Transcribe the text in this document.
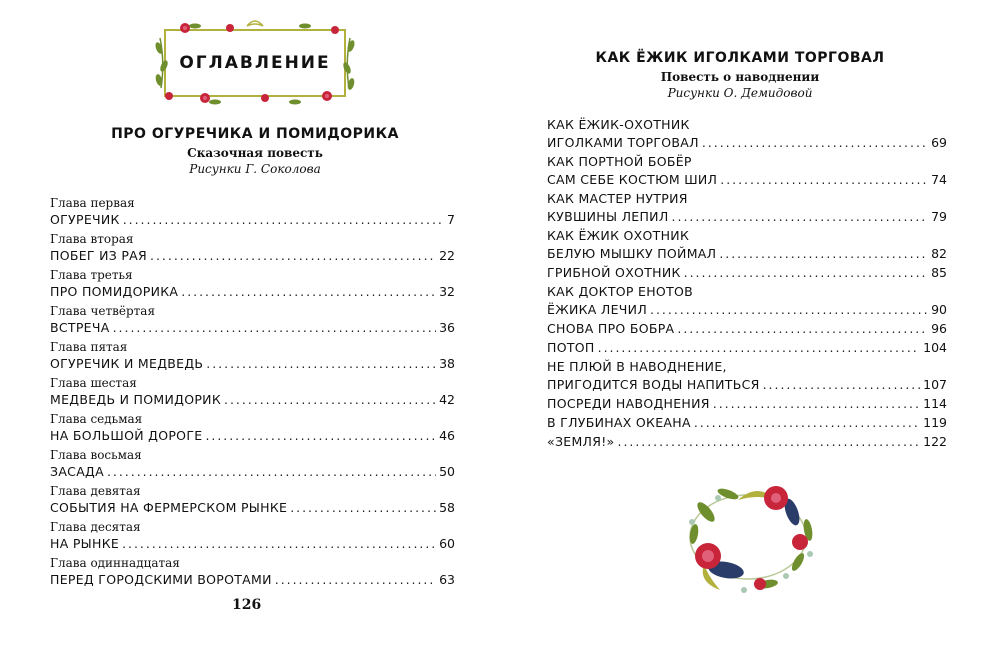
ОГЛАВЛЕНИЕ
ПРО ОГУРЕЧИКА И ПОМИДОРИКА
Сказочная повесть
Рисунки Г. Соколова
Глава первая
ОГУРЕЧИК . . .	7
Глава вторая
ПОБЕГ ИЗ РАЯ . . .	22
Глава третья
ПРО ПОМИДОРИКА . . .	32
Глава четвёртая
ВСТРЕЧА . . .	36
Глава пятая
ОГУРЕЧИК И МЕДВЕДЬ . . .	38
Глава шестая
МЕДВЕДЬ И ПОМИДОРИК . . .	42
Глава седьмая
НА БОЛЬШОЙ ДОРОГЕ . . .	46
Глава восьмая
ЗАСАДА . . .	50
Глава девятая
СОБЫТИЯ НА ФЕРМЕРСКОМ РЫНКЕ . . .	58
Глава десятая
НА РЫНКЕ . . .	60
Глава одиннадцатая
ПЕРЕД ГОРОДСКИМИ ВОРОТАМИ . . .	63
126
КАК ЁЖИК ИГОЛКАМИ ТОРГОВАЛ
Повесть о наводнении
Рисунки О. Демидовой
КАК ЁЖИК-ОХОТНИК
ИГОЛКАМИ ТОРГОВАЛ . . .	69
КАК ПОРТНОЙ БОБЁР
САМ СЕБЕ КОСТЮМ ШИЛ . . .	74
КАК МАСТЕР НУТРИЯ
КУВШИНЫ ЛЕПИЛ . . .	79
КАК ЁЖИК ОХОТНИК
БЕЛУЮ МЫШКУ ПОЙМАЛ . . .	82
ГРИБНОЙ ОХОТНИК . . .	85
КАК ДОКТОР ЕНОТОВ
ЁЖИКА ЛЕЧИЛ . . .	90
СНОВА ПРО БОБРА . . .	96
ПОТОП . . .	104
НЕ ПЛЮЙ В НАВОДНЕНИЕ,
ПРИГОДИТСЯ ВОДЫ НАПИТЬСЯ . . .	107
ПОСРЕДИ НАВОДНЕНИЯ . . .	114
В ГЛУБИНАХ ОКЕАНА . . .	119
«ЗЕМЛЯ!» . . .	122
